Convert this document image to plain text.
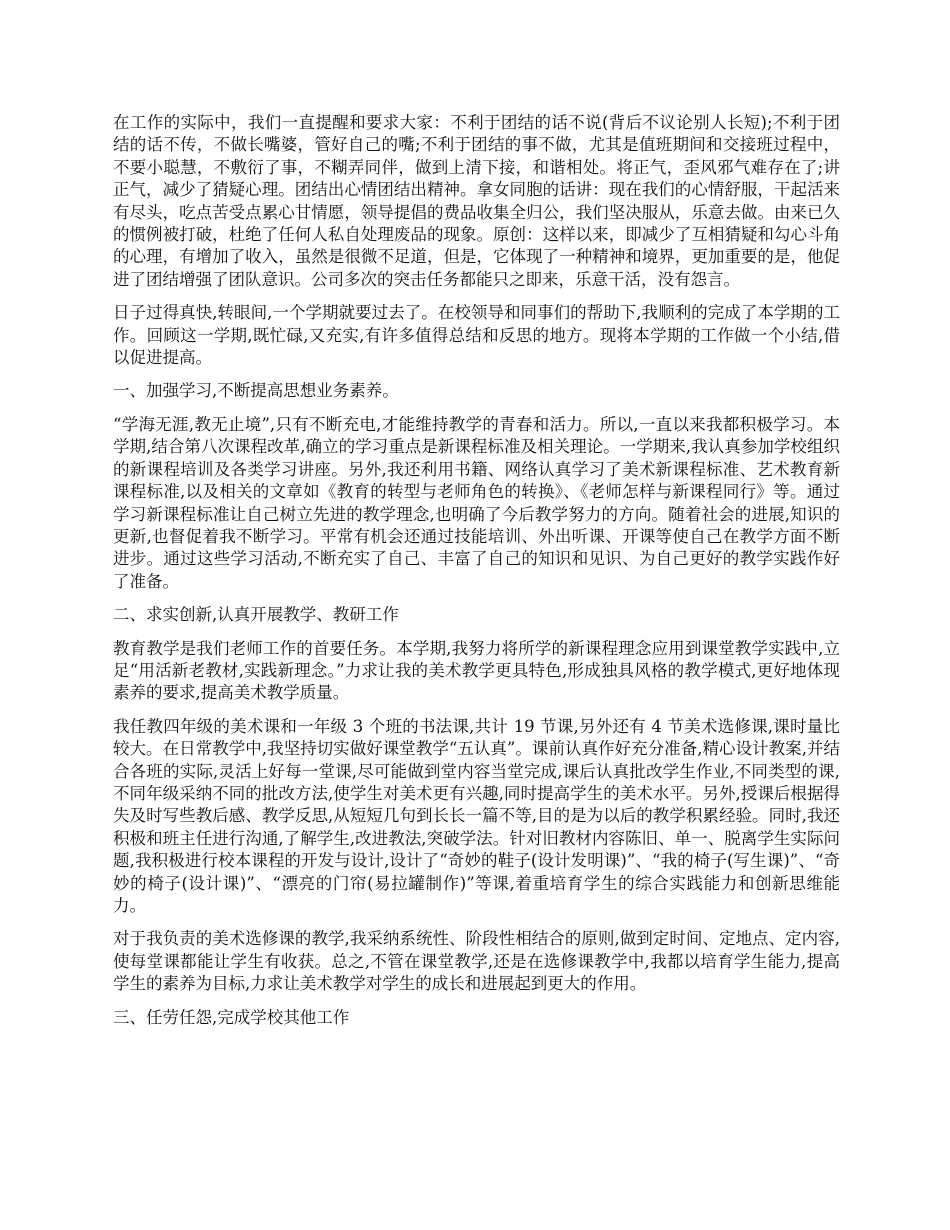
在工作的实际中，我们一直提醒和要求大家：不利于团结的话不说(背后不议论别人长短);不利于团结的话不传，不做长嘴婆，管好自己的嘴;不利于团结的事不做，尤其是值班期间和交接班过程中，不要小聪慧，不敷衍了事，不糊弄同伴，做到上清下接，和谐相处。将正气，歪风邪气难存在了;讲正气，减少了猜疑心理。团结出心情团结出精神。拿女同胞的话讲：现在我们的心情舒服，干起活来有尽头，吃点苦受点累心甘情愿，领导提倡的费品收集全归公，我们坚决服从，乐意去做。由来已久的惯例被打破，杜绝了任何人私自处理废品的现象。原创：这样以来，即减少了互相猜疑和勾心斗角的心理，有增加了收入，虽然是很微不足道，但是，它体现了一种精神和境界，更加重要的是，他促进了团结增强了团队意识。公司多次的突击任务都能只之即来，乐意干活，没有怨言。

日子过得真快,转眼间,一个学期就要过去了。在校领导和同事们的帮助下,我顺利的完成了本学期的工作。回顾这一学期,既忙碌,又充实,有许多值得总结和反思的地方。现将本学期的工作做一个小结,借以促进提高。

一、加强学习,不断提高思想业务素养。

“学海无涯,教无止境”,只有不断充电,才能维持教学的青春和活力。所以,一直以来我都积极学习。本学期,结合第八次课程改革,确立的学习重点是新课程标准及相关理论。一学期来,我认真参加学校组织的新课程培训及各类学习讲座。另外,我还利用书籍、网络认真学习了美术新课程标准、艺术教育新课程标准,以及相关的文章如《教育的转型与老师角色的转换》、《老师怎样与新课程同行》等。通过学习新课程标准让自己树立先进的教学理念,也明确了今后教学努力的方向。随着社会的进展,知识的更新,也督促着我不断学习。平常有机会还通过技能培训、外出听课、开课等使自己在教学方面不断进步。通过这些学习活动,不断充实了自己、丰富了自己的知识和见识、为自己更好的教学实践作好了准备。

二、求实创新,认真开展教学、教研工作

教育教学是我们老师工作的首要任务。本学期,我努力将所学的新课程理念应用到课堂教学实践中,立足“用活新老教材,实践新理念。”力求让我的美术教学更具特色,形成独具风格的教学模式,更好地体现素养的要求,提高美术教学质量。

我任教四年级的美术课和一年级 3 个班的书法课,共计 19 节课,另外还有 4 节美术选修课,课时量比较大。在日常教学中,我坚持切实做好课堂教学“五认真”。课前认真作好充分准备,精心设计教案,并结合各班的实际,灵活上好每一堂课,尽可能做到堂内容当堂完成,课后认真批改学生作业,不同类型的课,不同年级采纳不同的批改方法,使学生对美术更有兴趣,同时提高学生的美术水平。另外,授课后根据得失及时写些教后感、教学反思,从短短几句到长长一篇不等,目的是为以后的教学积累经验。同时,我还积极和班主任进行沟通,了解学生,改进教法,突破学法。针对旧教材内容陈旧、单一、脱离学生实际问题,我积极进行校本课程的开发与设计,设计了“奇妙的鞋子(设计发明课)”、“我的椅子(写生课)”、“奇妙的椅子(设计课)”、“漂亮的门帘(易拉罐制作)”等课,着重培育学生的综合实践能力和创新思维能力。

对于我负责的美术选修课的教学,我采纳系统性、阶段性相结合的原则,做到定时间、定地点、定内容,使每堂课都能让学生有收获。总之,不管在课堂教学,还是在选修课教学中,我都以培育学生能力,提高学生的素养为目标,力求让美术教学对学生的成长和进展起到更大的作用。

三、任劳任怨,完成学校其他工作
